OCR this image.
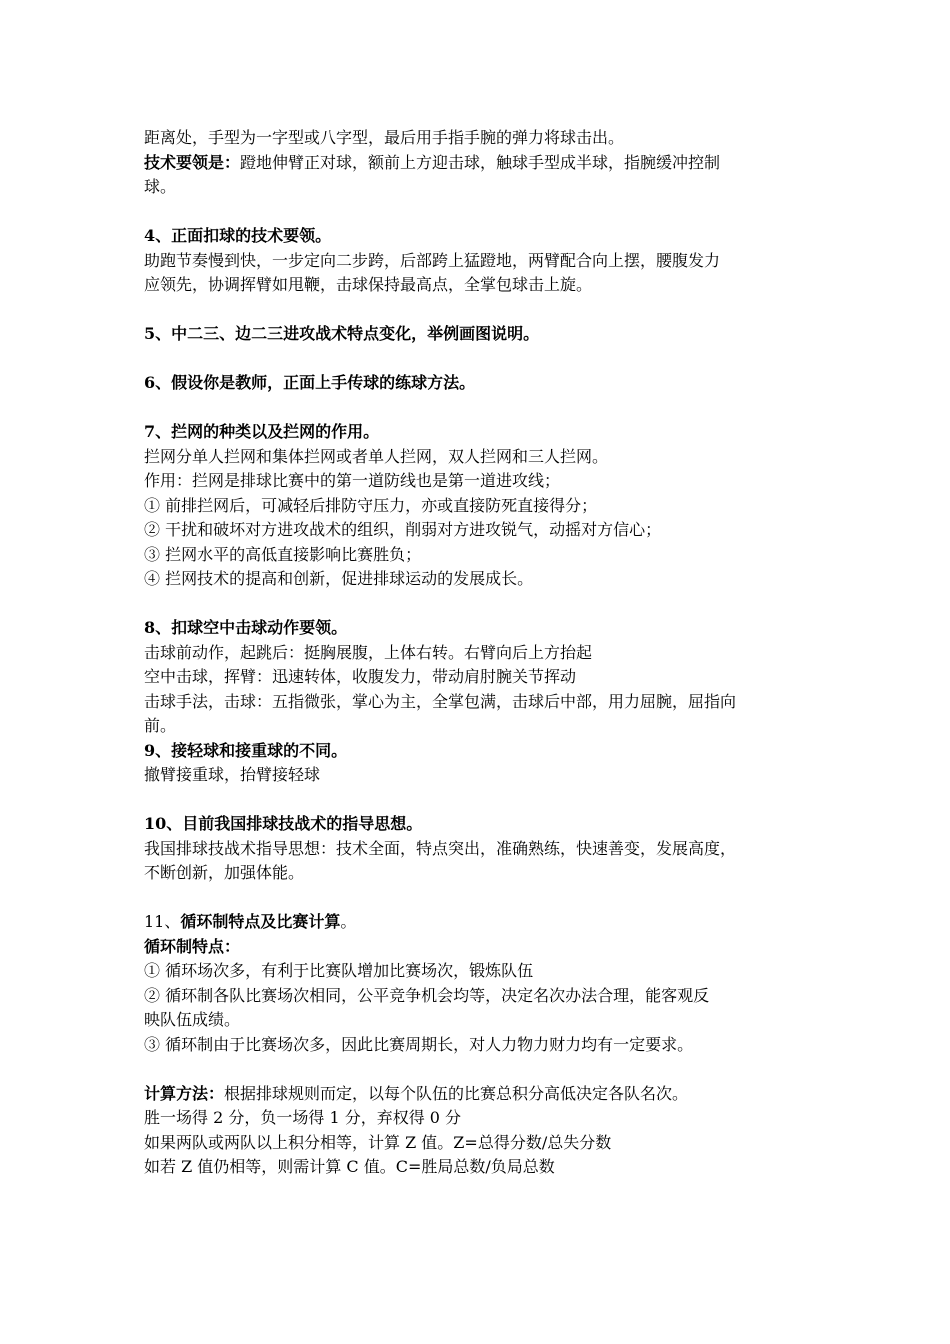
距离处，手型为一字型或八字型，最后用手指手腕的弹力将球击出。
技术要领是：蹬地伸臂正对球，额前上方迎击球，触球手型成半球，指腕缓冲控制
球。
4、正面扣球的技术要领。
助跑节奏慢到快，一步定向二步跨，后部跨上猛蹬地，两臂配合向上摆，腰腹发力
应领先，协调挥臂如甩鞭，击球保持最高点，全掌包球击上旋。
5、中二三、边二三进攻战术特点变化，举例画图说明。
6、假设你是教师，正面上手传球的练球方法。
7、拦网的种类以及拦网的作用。
拦网分单人拦网和集体拦网或者单人拦网，双人拦网和三人拦网。
作用：拦网是排球比赛中的第一道防线也是第一道进攻线；
① 前排拦网后，可减轻后排防守压力，亦或直接防死直接得分；
② 干扰和破坏对方进攻战术的组织，削弱对方进攻锐气，动摇对方信心；
③ 拦网水平的高低直接影响比赛胜负；
④ 拦网技术的提高和创新，促进排球运动的发展成长。
8、扣球空中击球动作要领。
击球前动作，起跳后：挺胸展腹，上体右转。右臂向后上方抬起
空中击球，挥臂：迅速转体，收腹发力，带动肩肘腕关节挥动
击球手法，击球：五指微张，掌心为主，全掌包满，击球后中部，用力屈腕，屈指向
前。
9、接轻球和接重球的不同。
撤臂接重球，抬臂接轻球
10、目前我国排球技战术的指导思想。
我国排球技战术指导思想：技术全面，特点突出，准确熟练，快速善变，发展高度，
不断创新，加强体能。
11、循环制特点及比赛计算。
循环制特点：
① 循环场次多，有利于比赛队增加比赛场次，锻炼队伍
② 循环制各队比赛场次相同，公平竞争机会均等，决定名次办法合理，能客观反
映队伍成绩。
③ 循环制由于比赛场次多，因此比赛周期长，对人力物力财力均有一定要求。
计算方法：根据排球规则而定，以每个队伍的比赛总积分高低决定各队名次。
胜一场得 2 分，负一场得 1 分，弃权得 0 分
如果两队或两队以上积分相等，计算 Z 值。Z=总得分数/总失分数
如若 Z 值仍相等，则需计算 C 值。C=胜局总数/负局总数
